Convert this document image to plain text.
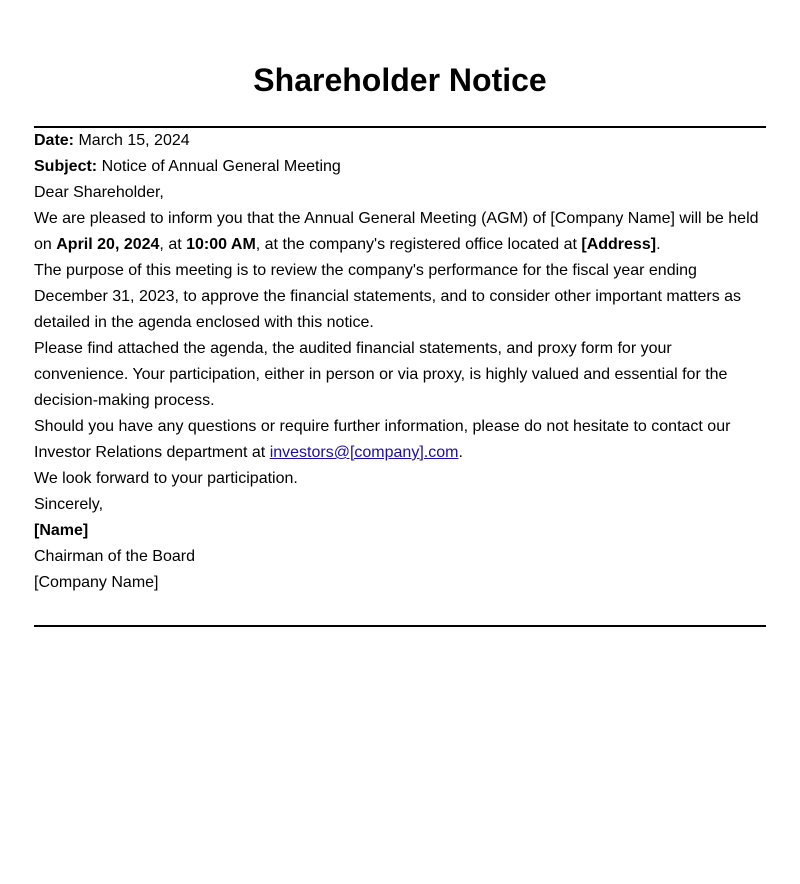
Shareholder Notice

Date: March 15, 2024

Subject: Notice of Annual General Meeting

Dear Shareholder,

We are pleased to inform you that the Annual General Meeting (AGM) of [Company Name] will be held on April 20, 2024, at 10:00 AM, at the company's registered office located at [Address].

The purpose of this meeting is to review the company's performance for the fiscal year ending December 31, 2023, to approve the financial statements, and to consider other important matters as detailed in the agenda enclosed with this notice.

Please find attached the agenda, the audited financial statements, and proxy form for your convenience. Your participation, either in person or via proxy, is highly valued and essential for the decision-making process.

Should you have any questions or require further information, please do not hesitate to contact our Investor Relations department at investors@[company].com.

We look forward to your participation.

Sincerely,

[Name]

Chairman of the Board

[Company Name]
